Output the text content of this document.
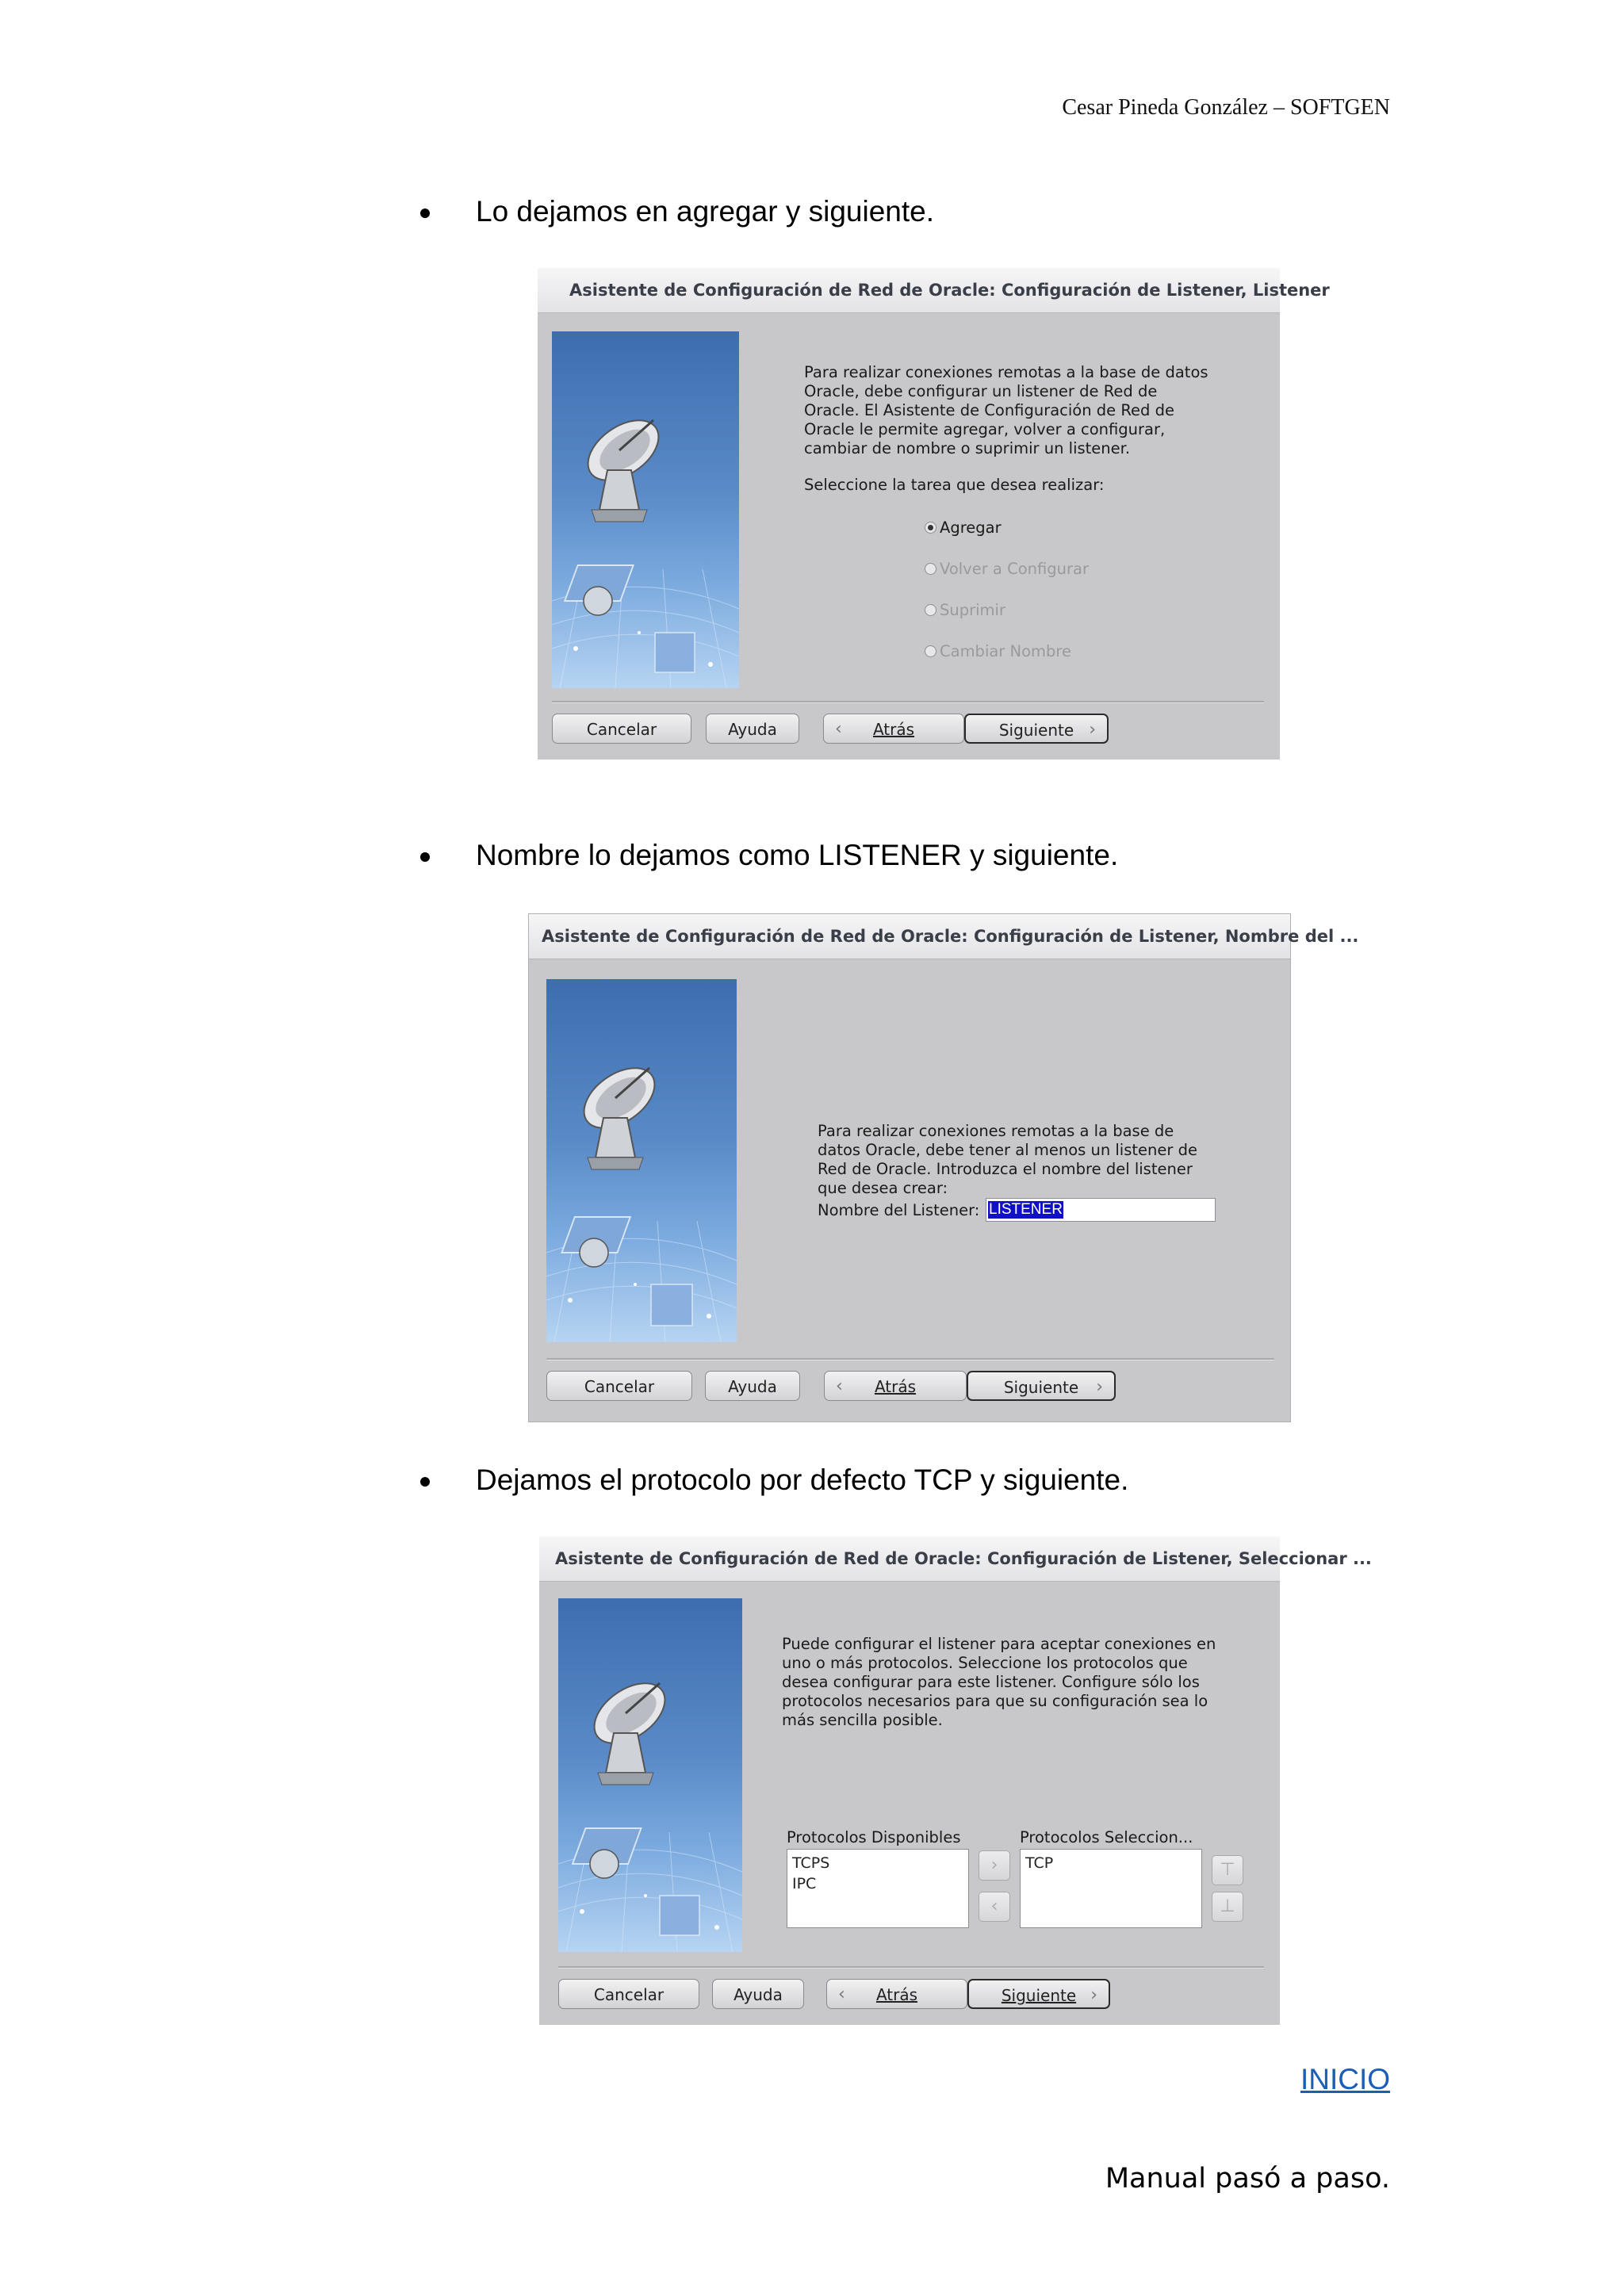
Cesar Pineda González – SOFTGEN
Lo dejamos en agregar y siguiente.
Asistente de Configuración de Red de Oracle: Configuración de Listener, Listener
Para realizar conexiones remotas a la base de datos
Oracle, debe configurar un listener de Red de
Oracle. El Asistente de Configuración de Red de
Oracle le permite agregar, volver a configurar,
cambiar de nombre o suprimir un listener.
Seleccione la tarea que desea realizar:
Agregar
Volver a Configurar
Suprimir
Cambiar Nombre
Cancelar	Ayuda	‹ Atrás	Siguiente ›
Nombre lo dejamos como LISTENER y siguiente.
Asistente de Configuración de Red de Oracle: Configuración de Listener, Nombre del ...
Para realizar conexiones remotas a la base de
datos Oracle, debe tener al menos un listener de
Red de Oracle. Introduzca el nombre del listener
que desea crear:
Nombre del Listener: LISTENER
Cancelar	Ayuda	‹ Atrás	Siguiente ›
Dejamos el protocolo por defecto TCP y siguiente.
Asistente de Configuración de Red de Oracle: Configuración de Listener, Seleccionar ...
Puede configurar el listener para aceptar conexiones en
uno o más protocolos. Seleccione los protocolos que
desea configurar para este listener. Configure sólo los
protocolos necesarios para que su configuración sea lo
más sencilla posible.
Protocolos Disponibles
TCPS
IPC
›
‹
Protocolos Seleccion...
TCP	⊤
⊥
Cancelar	Ayuda	‹ Atrás	Siguiente ›
INICIO
Manual pasó a paso.
